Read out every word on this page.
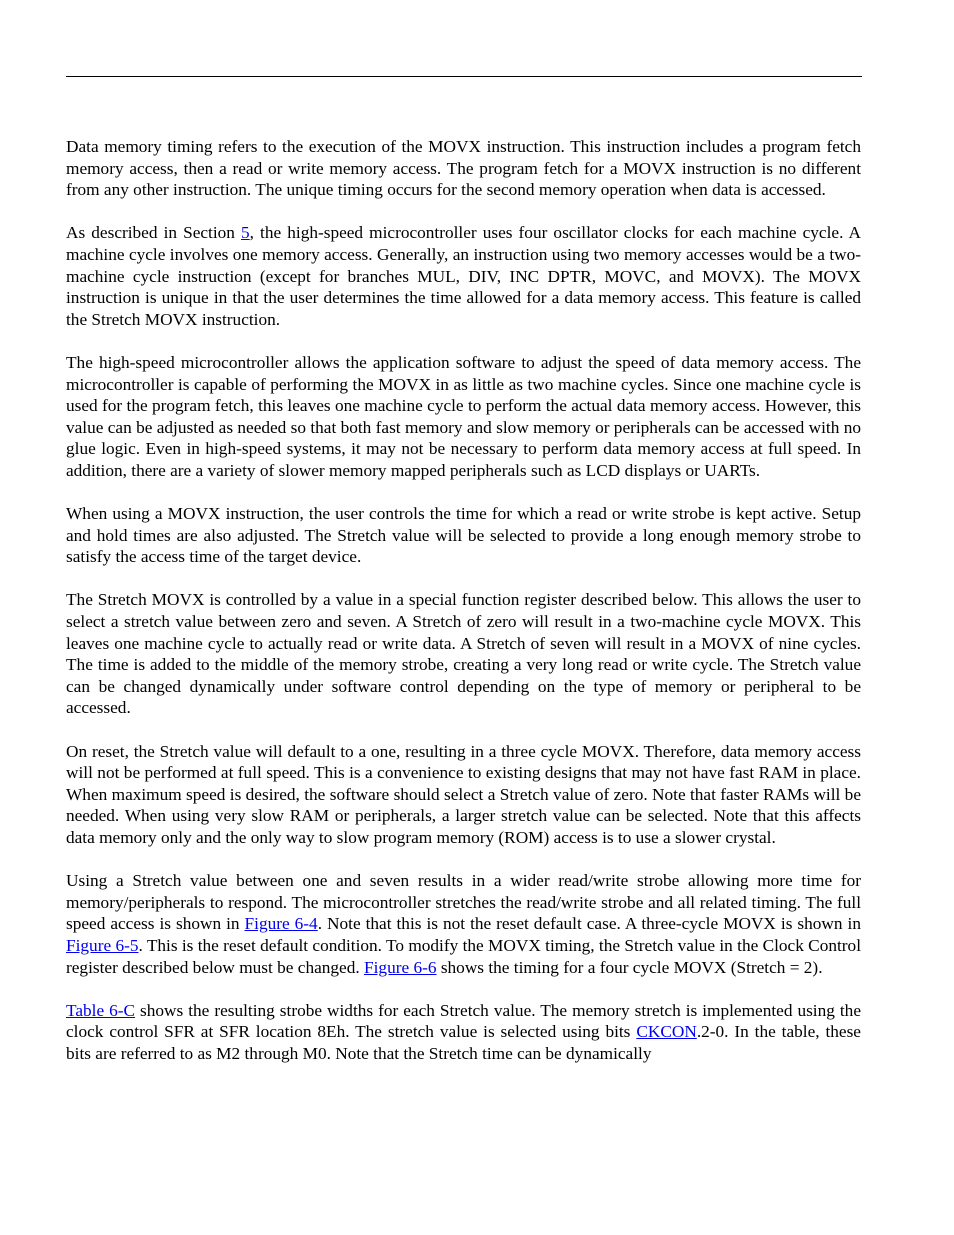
Data memory timing refers to the execution of the MOVX instruction. This instruction includes a program fetch memory access, then a read or write memory access. The program fetch for a MOVX instruction is no different from any other instruction. The unique timing occurs for the second memory operation when data is accessed.

As described in Section 5, the high-speed microcontroller uses four oscillator clocks for each machine cycle. A machine cycle involves one memory access. Generally, an instruction using two memory accesses would be a two-machine cycle instruction (except for branches MUL, DIV, INC DPTR, MOVC, and MOVX). The MOVX instruction is unique in that the user determines the time allowed for a data memory access. This feature is called the Stretch MOVX instruction.

The high-speed microcontroller allows the application software to adjust the speed of data memory access. The microcontroller is capable of performing the MOVX in as little as two machine cycles. Since one machine cycle is used for the program fetch, this leaves one machine cycle to perform the actual data memory access. However, this value can be adjusted as needed so that both fast memory and slow memory or peripherals can be accessed with no glue logic. Even in high-speed systems, it may not be necessary to perform data memory access at full speed. In addition, there are a variety of slower memory mapped peripherals such as LCD displays or UARTs.

When using a MOVX instruction, the user controls the time for which a read or write strobe is kept active. Setup and hold times are also adjusted. The Stretch value will be selected to provide a long enough memory strobe to satisfy the access time of the target device.

The Stretch MOVX is controlled by a value in a special function register described below. This allows the user to select a stretch value between zero and seven. A Stretch of zero will result in a two-machine cycle MOVX. This leaves one machine cycle to actually read or write data. A Stretch of seven will result in a MOVX of nine cycles. The time is added to the middle of the memory strobe, creating a very long read or write cycle. The Stretch value can be changed dynamically under software control depending on the type of memory or peripheral to be accessed.

On reset, the Stretch value will default to a one, resulting in a three cycle MOVX. Therefore, data memory access will not be performed at full speed. This is a convenience to existing designs that may not have fast RAM in place. When maximum speed is desired, the software should select a Stretch value of zero. Note that faster RAMs will be needed. When using very slow RAM or peripherals, a larger stretch value can be selected. Note that this affects data memory only and the only way to slow program memory (ROM) access is to use a slower crystal.

Using a Stretch value between one and seven results in a wider read/write strobe allowing more time for memory/peripherals to respond. The microcontroller stretches the read/write strobe and all related timing. The full speed access is shown in Figure 6-4. Note that this is not the reset default case. A three-cycle MOVX is shown in Figure 6-5. This is the reset default condition. To modify the MOVX timing, the Stretch value in the Clock Control register described below must be changed. Figure 6-6 shows the timing for a four cycle MOVX (Stretch = 2).

Table 6-C shows the resulting strobe widths for each Stretch value. The memory stretch is implemented using the clock control SFR at SFR location 8Eh. The stretch value is selected using bits CKCON.2-0. In the table, these bits are referred to as M2 through M0. Note that the Stretch time can be dynamically
